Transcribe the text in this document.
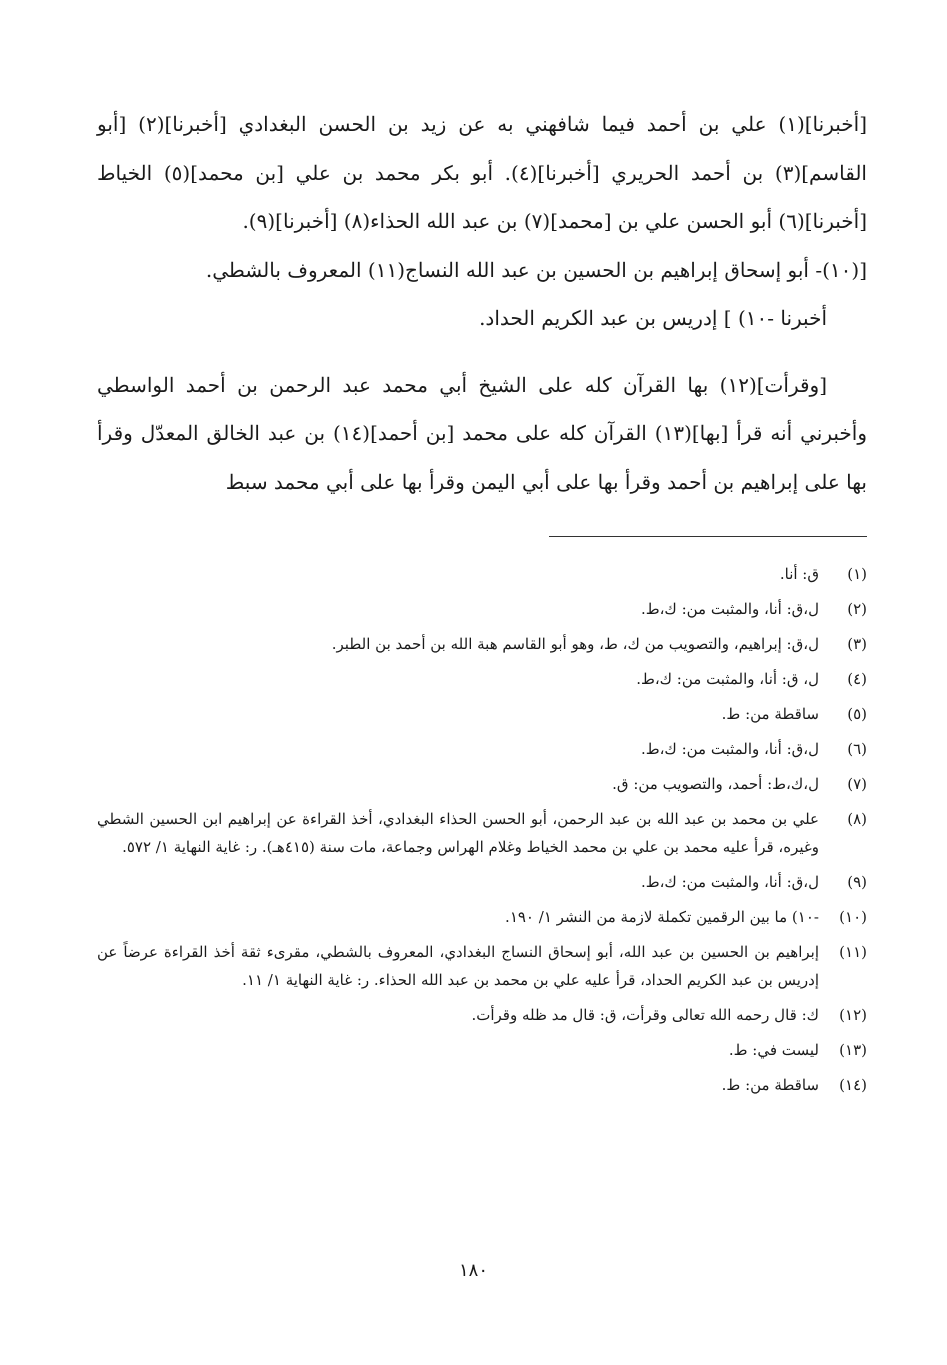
[أخبرنا](١) علي بن أحمد فيما شافهني به عن زيد بن الحسن البغدادي [أخبرنا](٢) [أبو القاسم](٣) بن أحمد الحريري [أخبرنا](٤). أبو بكر محمد بن علي [بن محمد](٥) الخياط [أخبرنا](٦) أبو الحسن علي بن [محمد](٧) بن عبد الله الحذاء(٨) [أخبرنا](٩).

[(١٠)- أبو إسحاق إبراهيم بن الحسين بن عبد الله النساج(١١) المعروف بالشطي.

أخبرنا -١٠) ] إدريس بن عبد الكريم الحداد.

[وقرأت](١٢) بها القرآن كله على الشيخ أبي محمد عبد الرحمن بن أحمد الواسطي وأخبرني أنه قرأ [بها](١٣) القرآن كله على محمد [بن أحمد](١٤) بن عبد الخالق المعدّل وقرأ بها على إبراهيم بن أحمد وقرأ بها على أبي اليمن وقرأ بها على أبي محمد سبط

(١)
ق: أنا.
(٢)
ل،ق: أنا، والمثبت من: ك،ط.
(٣)
ل،ق: إبراهيم، والتصويب من ك، ط، وهو أبو القاسم هبة الله بن أحمد بن الطبر.
(٤)
ل، ق: أنا، والمثبت من: ك،ط.
(٥)
ساقطة من: ط.
(٦)
ل،ق: أنا، والمثبت من: ك،ط.
(٧)
ل،ك،ط: أحمد، والتصويب من: ق.
(٨)
علي بن محمد بن عبد الله بن عبد الرحمن، أبو الحسن الحذاء البغدادي، أخذ القراءة عن إبراهيم ابن الحسين الشطي وغيره، قرأ عليه محمد بن علي بن محمد الخياط وغلام الهراس وجماعة، مات سنة (٤١٥هـ). ر: غاية النهاية ١/ ٥٧٢.
(٩)
ل،ق: أنا، والمثبت من: ك،ط.
(١٠)
-١٠) ما بين الرقمين تكملة لازمة من النشر ١/ ١٩٠.
(١١)
إبراهيم بن الحسين بن عبد الله، أبو إسحاق النساج البغدادي، المعروف بالشطي، مقرىء ثقة أخذ القراءة عرضاً عن إدريس بن عبد الكريم الحداد، قرأ عليه علي بن محمد بن عبد الله الحذاء. ر: غاية النهاية ١/ ١١.
(١٢)
ك: قال رحمه الله تعالى وقرأت، ق: قال مد ظله وقرأت.
(١٣)
ليست في: ط.
(١٤)
ساقطة من: ط.
١٨٠
